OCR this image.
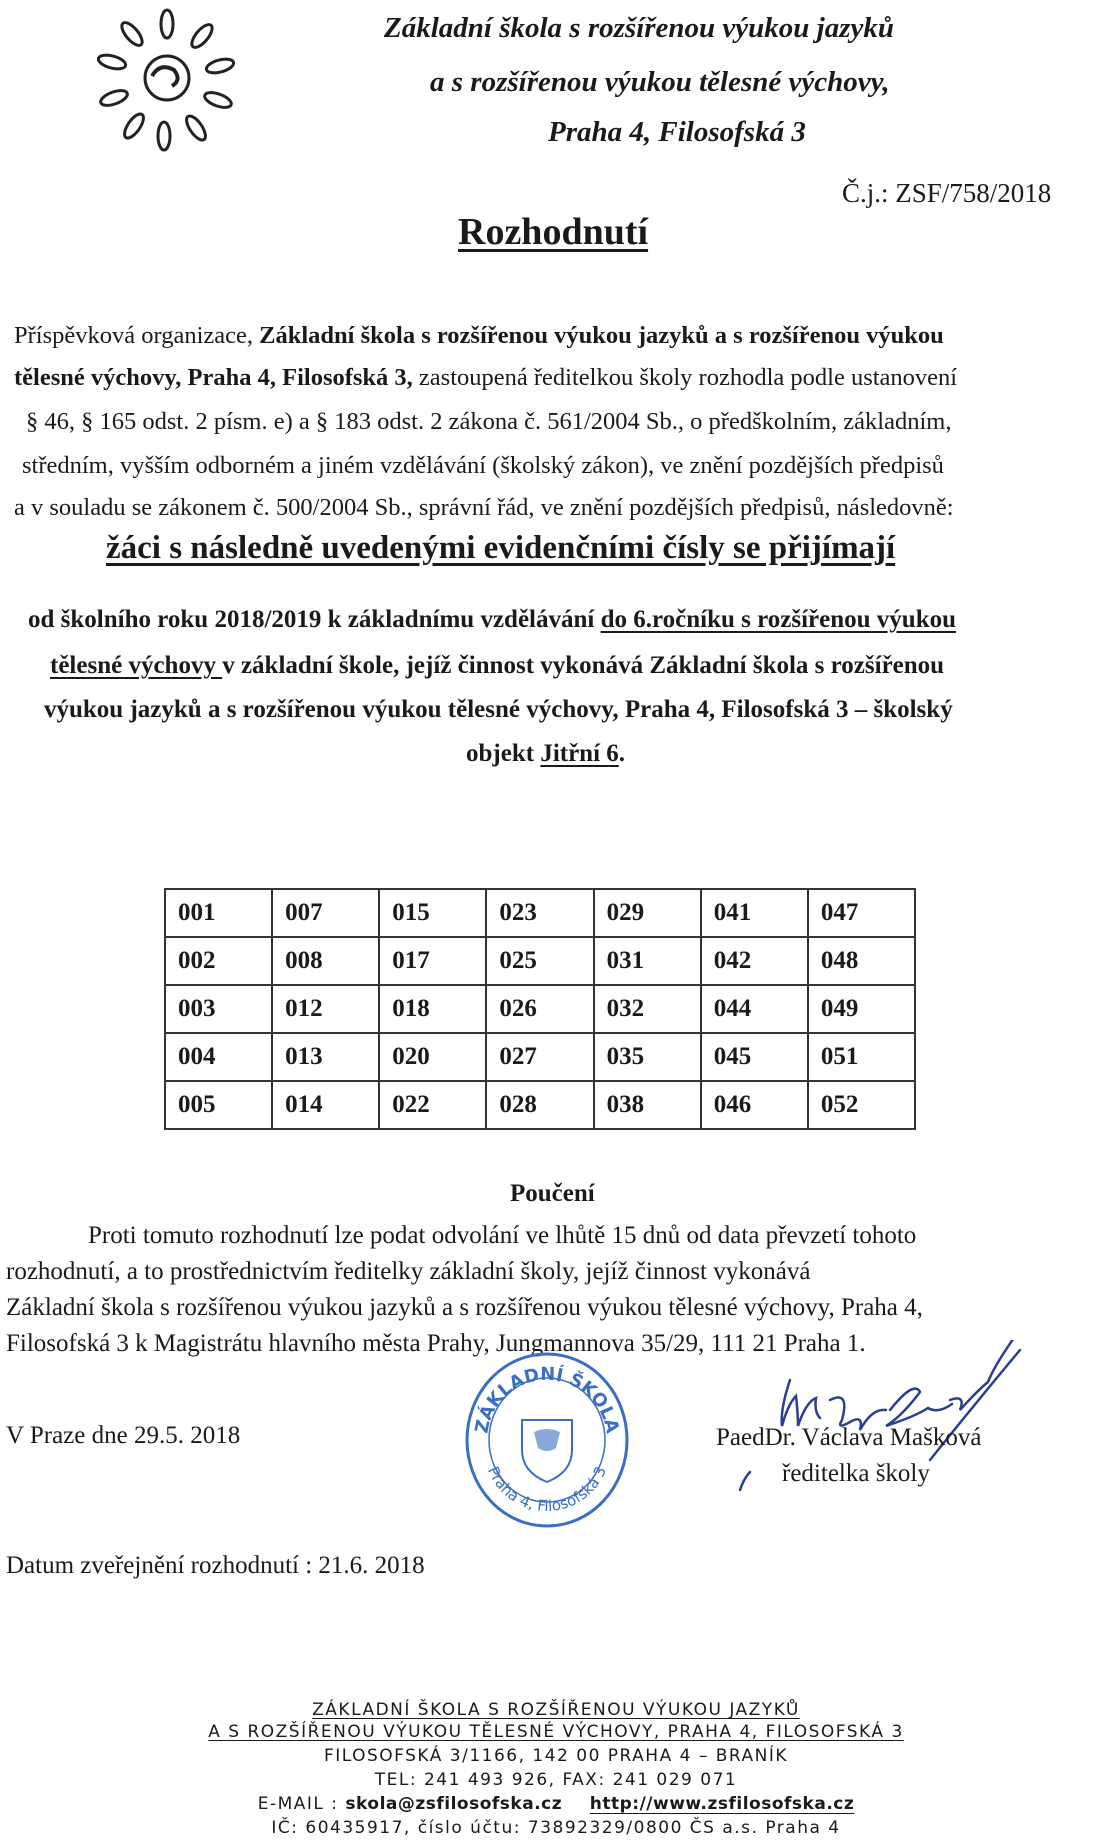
Základní škola s rozšířenou výukou jazyků
a s rozšířenou výukou tělesné výchovy,
Praha 4, Filosofská 3
Č.j.: ZSF/758/2018
Rozhodnutí
Příspěvková organizace, Základní škola s rozšířenou výukou jazyků a s rozšířenou výukou
tělesné výchovy, Praha 4, Filosofská 3, zastoupená ředitelkou školy rozhodla podle ustanovení
§ 46, § 165 odst. 2 písm. e) a § 183 odst. 2 zákona č. 561/2004 Sb., o předškolním, základním,
středním, vyšším odborném a jiném vzdělávání (školský zákon), ve znění pozdějších předpisů
a v souladu se zákonem č. 500/2004 Sb., správní řád, ve znění pozdějších předpisů, následovně:
žáci s následně uvedenými evidenčními čísly se přijímají
od školního roku 2018/2019 k základnímu vzdělávání do 6.ročníku s rozšířenou výukou
tělesné výchovy v základní škole, jejíž činnost vykonává Základní škola s rozšířenou
výukou jazyků a s rozšířenou výukou tělesné výchovy, Praha 4, Filosofská 3 – školský
objekt Jitřní 6.
001	007	015	023	029	041	047
002	008	017	025	031	042	048
003	012	018	026	032	044	049
004	013	020	027	035	045	051
005	014	022	028	038	046	052
Poučení
Proti tomuto rozhodnutí lze podat odvolání ve lhůtě 15 dnů od data převzetí tohoto
rozhodnutí, a to prostřednictvím ředitelky základní školy, jejíž činnost vykonává
Základní škola s rozšířenou výukou jazyků a s rozšířenou výukou tělesné výchovy, Praha 4,
Filosofská 3 k Magistrátu hlavního města Prahy, Jungmannova 35/29, 111 21 Praha 1.
V Praze dne 29.5. 2018	ZÁKLADNÍ ŠKOLA
Praha 4, Filosofská 3
PaedDr. Václava Mašková
ředitelka školy
Datum zveřejnění rozhodnutí : 21.6. 2018
ZÁKLADNÍ ŠKOLA S ROZŠÍŘENOU VÝUKOU JAZYKŮ
A S ROZŠÍŘENOU VÝUKOU TĚLESNÉ VÝCHOVY, PRAHA 4, FILOSOFSKÁ 3
FILOSOFSKÁ 3/1166, 142 00 PRAHA 4 – BRANÍK
TEL: 241 493 926, FAX: 241 029 071
E-MAIL : skola@zsfilosofska.cz http://www.zsfilosofska.cz
IČ: 60435917, číslo účtu: 73892329/0800 ČS a.s. Praha 4
